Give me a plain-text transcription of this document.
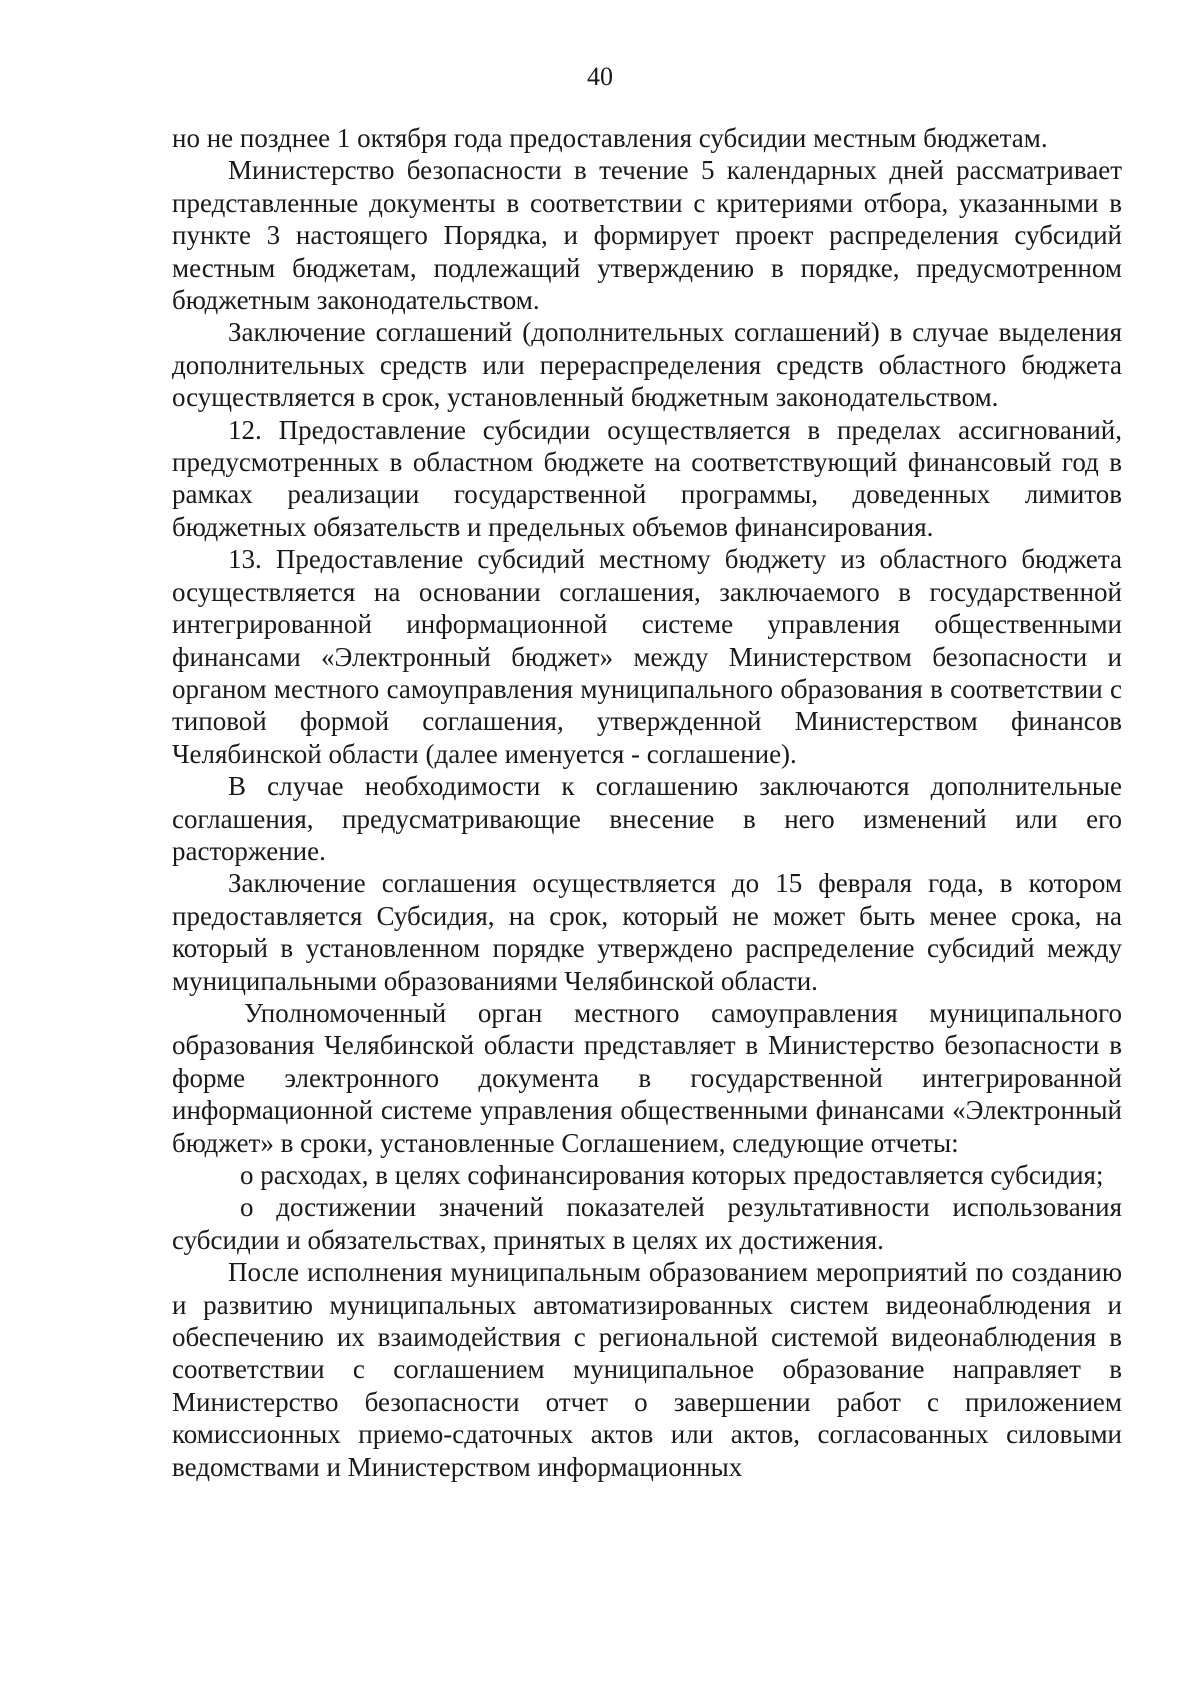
40

но не позднее 1 октября года предоставления субсидии местным бюджетам.

Министерство безопасности в течение 5 календарных дней рассматривает представленные документы в соответствии с критериями отбора, указанными в пункте 3 настоящего Порядка, и формирует проект распределения субсидий местным бюджетам, подлежащий утверждению в порядке, предусмотренном бюджетным законодательством.

Заключение соглашений (дополнительных соглашений) в случае выделения дополнительных средств или перераспределения средств областного бюджета осуществляется в срок, установленный бюджетным законодательством.

12. Предоставление субсидии осуществляется в пределах ассигнований, предусмотренных в областном бюджете на соответствующий финансовый год в рамках реализации государственной программы, доведенных лимитов бюджетных обязательств и предельных объемов финансирования.

13. Предоставление субсидий местному бюджету из областного бюджета осуществляется на основании соглашения, заключаемого в государственной интегрированной информационной системе управления общественными финансами «Электронный бюджет» между Министерством безопасности и органом местного самоуправления муниципального образования в соответствии с типовой формой соглашения, утвержденной Министерством финансов Челябинской области (далее именуется - соглашение).

В случае необходимости к соглашению заключаются дополнительные соглашения, предусматривающие внесение в него изменений или его расторжение.

Заключение соглашения осуществляется до 15 февраля года, в котором предоставляется Субсидия, на срок, который не может быть менее срока, на который в установленном порядке утверждено распределение субсидий между муниципальными образованиями Челябинской области.

Уполномоченный орган местного самоуправления муниципального образования Челябинской области представляет в Министерство безопасности в форме электронного документа в государственной интегрированной информационной системе управления общественными финансами «Электронный бюджет» в сроки, установленные Соглашением, следующие отчеты:

о расходах, в целях софинансирования которых предоставляется субсидия;

о достижении значений показателей результативности использования субсидии и обязательствах, принятых в целях их достижения.

После исполнения муниципальным образованием мероприятий по созданию и развитию муниципальных автоматизированных систем видеонаблюдения и обеспечению их взаимодействия с региональной системой видеонаблюдения в соответствии с соглашением муниципальное образование направляет в Министерство безопасности отчет о завершении работ с приложением комиссионных приемо-сдаточных актов или актов, согласованных силовыми ведомствами и Министерством информационных
